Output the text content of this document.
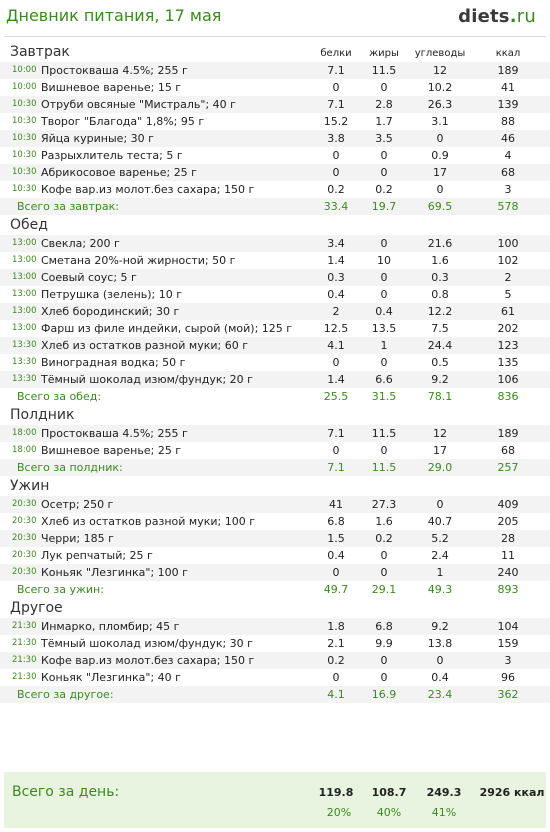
Дневник питания, 17 мая	diets.ru
Завтрак	белки	жиры	углеводы	ккал
10:00 Простокваша 4.5%; 255 г	7.1	11.5	12	189
10:00 Вишневое варенье; 15 г	0	0	10.2	41
10:30 Отруби овсяные "Мистраль"; 40 г	7.1	2.8	26.3	139
10:30 Творог "Благода" 1,8%; 95 г	15.2	1.7	3.1	88
10:30 Яйца куриные; 30 г	3.8	3.5	0	46
10:30 Разрыхлитель теста; 5 г	0	0	0.9	4
10:30 Абрикосовое варенье; 25 г	0	0	17	68
10:30 Кофе вар.из молот.без сахара; 150 г	0.2	0.2	0	3
Всего за завтрак:	33.4	19.7	69.5	578
Обед
13:00 Свекла; 200 г	3.4	0	21.6	100
13:00 Сметана 20%-ной жирности; 50 г	1.4	10	1.6	102
13:00 Соевый соус; 5 г	0.3	0	0.3	2
13:00 Петрушка (зелень); 10 г	0.4	0	0.8	5
13:00 Хлеб бородинский; 30 г	2	0.4	12.2	61
13:00 Фарш из филе индейки, сырой (мой); 125 г	12.5	13.5	7.5	202
13:30 Хлеб из остатков разной муки; 60 г	4.1	1	24.4	123
13:30 Виноградная водка; 50 г	0	0	0.5	135
13:30 Тёмный шоколад изюм/фундук; 20 г	1.4	6.6	9.2	106
Всего за обед:	25.5	31.5	78.1	836
Полдник
18:00 Простокваша 4.5%; 255 г	7.1	11.5	12	189
18:00 Вишневое варенье; 25 г	0	0	17	68
Всего за полдник:	7.1	11.5	29.0	257
Ужин
20:30 Осетр; 250 г	41	27.3	0	409
20:30 Хлеб из остатков разной муки; 100 г	6.8	1.6	40.7	205
20:30 Черри; 185 г	1.5	0.2	5.2	28
20:30 Лук репчатый; 25 г	0.4	0	2.4	11
20:30 Коньяк "Лезгинка"; 100 г	0	0	1	240
Всего за ужин:	49.7	29.1	49.3	893
Другое
21:30 Инмарко, пломбир; 45 г	1.8	6.8	9.2	104
21:30 Тёмный шоколад изюм/фундук; 30 г	2.1	9.9	13.8	159
21:30 Кофе вар.из молот.без сахара; 150 г	0.2	0	0	3
21:30 Коньяк "Лезгинка"; 40 г	0	0	0.4	96
Всего за другое:	4.1	16.9	23.4	362
Всего за день:	119.8	108.7	249.3	2926 ккал
20%	40%	41%
